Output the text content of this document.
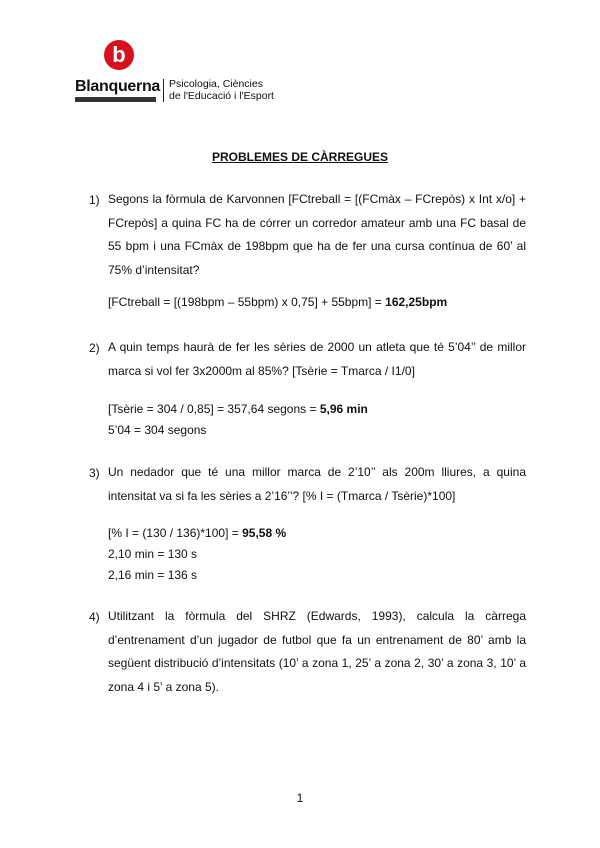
b
Blanquerna Psicologia, Ciències
de l'Educació i l'Esport
PROBLEMES DE CÀRREGUES
1) Segons la fòrmula de Karvonnen [FCtreball = [(FCmàx – FCrepòs) x Int x/o] + FCrepòs] a quina FC ha de córrer un corredor amateur amb una FC basal de 55 bpm i una FCmàx de 198bpm que ha de fer una cursa contínua de 60’ al 75% d’intensitat?
[FCtreball = [(198bpm – 55bpm) x 0,75] + 55bpm] = 162,25bpm
2) A quin temps haurà de fer les sèries de 2000 un atleta que té 5’04’’ de millor marca si vol fer 3x2000m al 85%? [Tsèrie = Tmarca / I1/0]
[Tsèrie = 304 / 0,85] = 357,64 segons = 5,96 min
5’04 = 304 segons
3) Un nedador que té una millor marca de 2’10’’ als 200m lliures, a quina intensitat va si fa les sèries a 2’16’’? [% I = (Tmarca / Tsèrie)*100]
[% I = (130 / 136)*100] = 95,58 %
2,10 min = 130 s
2,16 min = 136 s
4) Utilitzant la fòrmula del SHRZ (Edwards, 1993), calcula la càrrega d’entrenament d’un jugador de futbol que fa un entrenament de 80’ amb la següent distribució d’intensitats (10’ a zona 1, 25’ a zona 2, 30’ a zona 3, 10’ a zona 4 i 5’ a zona 5).
1
